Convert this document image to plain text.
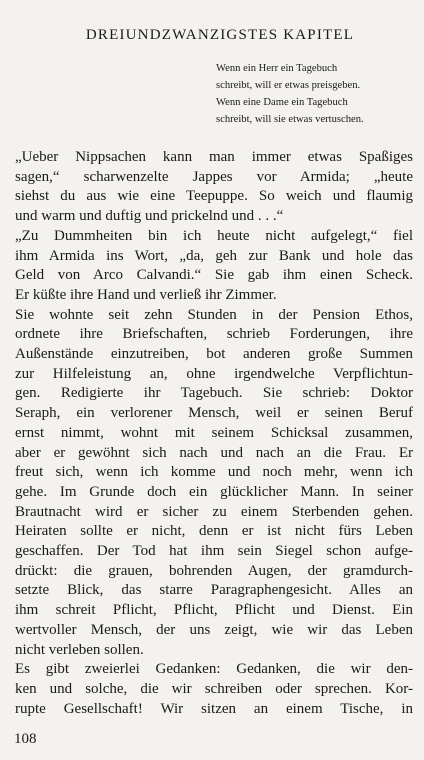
DREIUNDZWANZIGSTES KAPITEL
Wenn ein Herr ein Tagebuch
schreibt, will er etwas preisgeben.
Wenn eine Dame ein Tagebuch
schreibt, will sie etwas vertuschen.
„Ueber Nippsachen kann man immer etwas Spaßiges
sagen,“ scharwenzelte Jappes vor Armida; „heute
siehst du aus wie eine Teepuppe. So weich und flaumig
und warm und duftig und prickelnd und . . .“
„Zu Dummheiten bin ich heute nicht aufgelegt,“ fiel
ihm Armida ins Wort, „da, geh zur Bank und hole das
Geld von Arco Calvandi.“ Sie gab ihm einen Scheck.
Er küßte ihre Hand und verließ ihr Zimmer.
Sie wohnte seit zehn Stunden in der Pension Ethos,
ordnete ihre Briefschaften, schrieb Forderungen, ihre
Außenstände einzutreiben, bot anderen große Summen
zur Hilfeleistung an, ohne irgendwelche Verpflichtun-
gen. Redigierte ihr Tagebuch. Sie schrieb: Doktor
Seraph, ein verlorener Mensch, weil er seinen Beruf
ernst nimmt, wohnt mit seinem Schicksal zusammen,
aber er gewöhnt sich nach und nach an die Frau. Er
freut sich, wenn ich komme und noch mehr, wenn ich
gehe. Im Grunde doch ein glücklicher Mann. In seiner
Brautnacht wird er sicher zu einem Sterbenden gehen.
Heiraten sollte er nicht, denn er ist nicht fürs Leben
geschaffen. Der Tod hat ihm sein Siegel schon aufge-
drückt: die grauen, bohrenden Augen, der gramdurch-
setzte Blick, das starre Paragraphengesicht. Alles an
ihm schreit Pflicht, Pflicht, Pflicht und Dienst. Ein
wertvoller Mensch, der uns zeigt, wie wir das Leben
nicht verleben sollen.
Es gibt zweierlei Gedanken: Gedanken, die wir den-
ken und solche, die wir schreiben oder sprechen. Kor-
rupte Gesellschaft! Wir sitzen an einem Tische, in
108
